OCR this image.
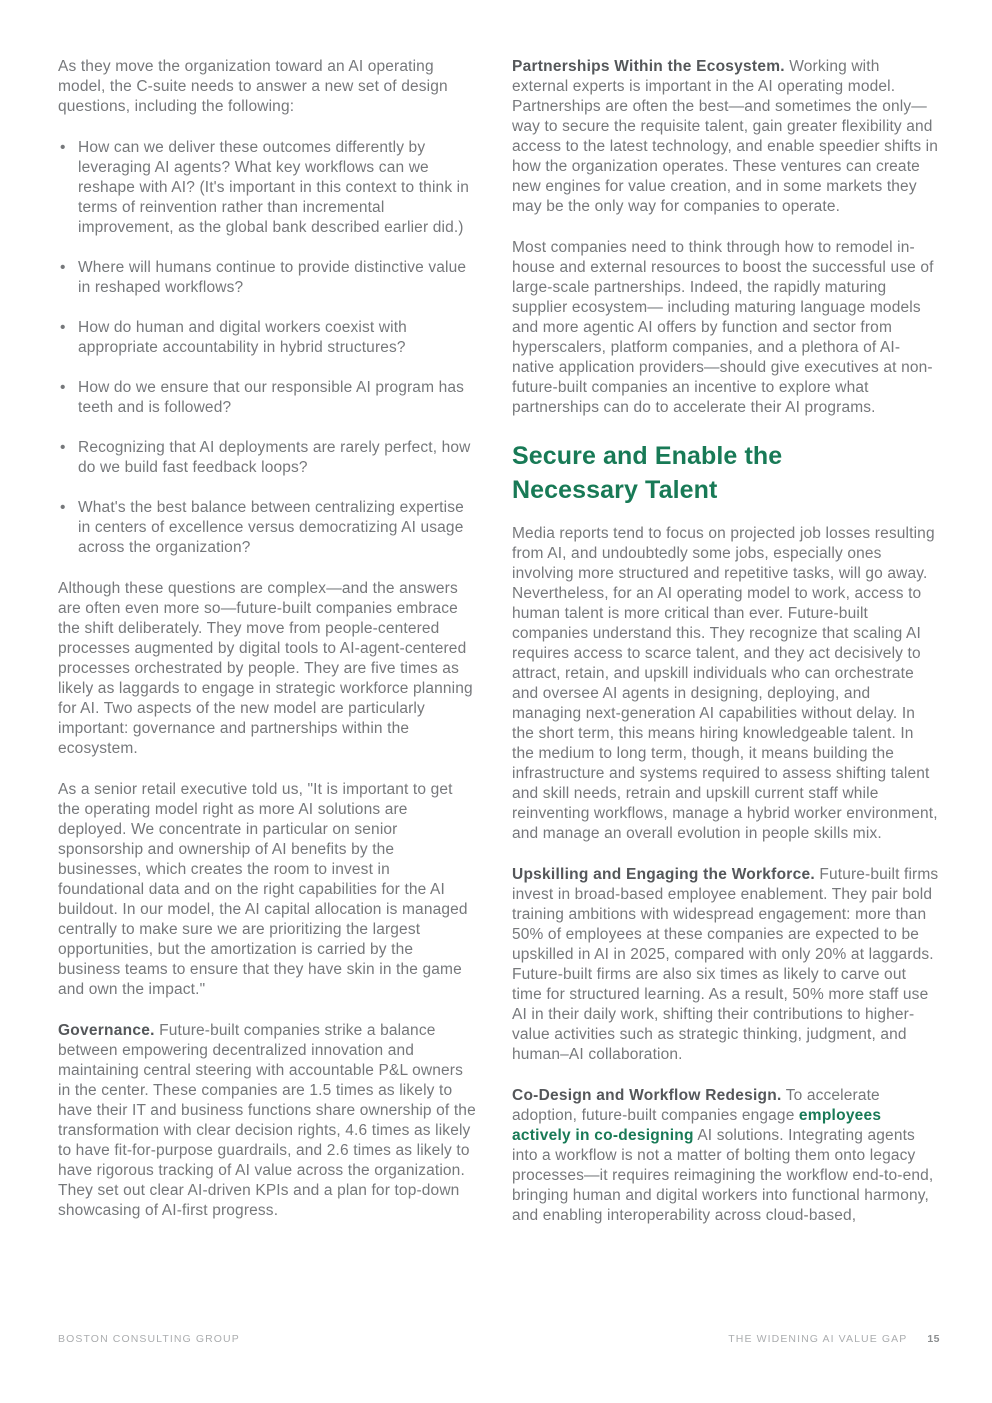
As they move the organization toward an AI operating model, the C-suite needs to answer a new set of design questions, including the following:

• How can we deliver these outcomes differently by leveraging AI agents? What key workflows can we reshape with AI? (It's important in this context to think in terms of reinvention rather than incremental improvement, as the global bank described earlier did.)
• Where will humans continue to provide distinctive value in reshaped workflows?
• How do human and digital workers coexist with appropriate accountability in hybrid structures?
• How do we ensure that our responsible AI program has teeth and is followed?
• Recognizing that AI deployments are rarely perfect, how do we build fast feedback loops?
• What's the best balance between centralizing expertise in centers of excellence versus democratizing AI usage across the organization?

Although these questions are complex—and the answers are often even more so—future-built companies embrace the shift deliberately. They move from people-centered processes augmented by digital tools to AI-agent-centered processes orchestrated by people. They are five times as likely as laggards to engage in strategic workforce planning for AI. Two aspects of the new model are particularly important: governance and partnerships within the ecosystem.

As a senior retail executive told us, "It is important to get the operating model right as more AI solutions are deployed. We concentrate in particular on senior sponsorship and ownership of AI benefits by the businesses, which creates the room to invest in foundational data and on the right capabilities for the AI buildout. In our model, the AI capital allocation is managed centrally to make sure we are prioritizing the largest opportunities, but the amortization is carried by the business teams to ensure that they have skin in the game and own the impact."

Governance. Future-built companies strike a balance between empowering decentralized innovation and maintaining central steering with accountable P&L owners in the center. These companies are 1.5 times as likely to have their IT and business functions share ownership of the transformation with clear decision rights, 4.6 times as likely to have fit-for-purpose guardrails, and 2.6 times as likely to have rigorous tracking of AI value across the organization. They set out clear AI-driven KPIs and a plan for top-down showcasing of AI-first progress.

Partnerships Within the Ecosystem. Working with external experts is important in the AI operating model. Partnerships are often the best—and sometimes the only—way to secure the requisite talent, gain greater flexibility and access to the latest technology, and enable speedier shifts in how the organization operates. These ventures can create new engines for value creation, and in some markets they may be the only way for companies to operate.

Most companies need to think through how to remodel in-house and external resources to boost the successful use of large-scale partnerships. Indeed, the rapidly maturing supplier ecosystem— including maturing language models and more agentic AI offers by function and sector from hyperscalers, platform companies, and a plethora of AI-native application providers—should give executives at non-future-built companies an incentive to explore what partnerships can do to accelerate their AI programs.

Secure and Enable the
Necessary Talent

Media reports tend to focus on projected job losses resulting from AI, and undoubtedly some jobs, especially ones involving more structured and repetitive tasks, will go away. Nevertheless, for an AI operating model to work, access to human talent is more critical than ever. Future-built companies understand this. They recognize that scaling AI requires access to scarce talent, and they act decisively to attract, retain, and upskill individuals who can orchestrate and oversee AI agents in designing, deploying, and managing next-generation AI capabilities without delay. In the short term, this means hiring knowledgeable talent. In the medium to long term, though, it means building the infrastructure and systems required to assess shifting talent and skill needs, retrain and upskill current staff while reinventing workflows, manage a hybrid worker environment, and manage an overall evolution in people skills mix.

Upskilling and Engaging the Workforce. Future-built firms invest in broad-based employee enablement. They pair bold training ambitions with widespread engagement: more than 50% of employees at these companies are expected to be upskilled in AI in 2025, compared with only 20% at laggards. Future-built firms are also six times as likely to carve out time for structured learning. As a result, 50% more staff use AI in their daily work, shifting their contributions to higher-value activities such as strategic thinking, judgment, and human–AI collaboration.

Co-Design and Workflow Redesign. To accelerate adoption, future-built companies engage employees actively in co-designing AI solutions. Integrating agents into a workflow is not a matter of bolting them onto legacy processes—it requires reimagining the workflow end-to-end, bringing human and digital workers into functional harmony, and enabling interoperability across cloud-based,

BOSTON CONSULTING GROUP	THE WIDENING AI VALUE GAP 15
